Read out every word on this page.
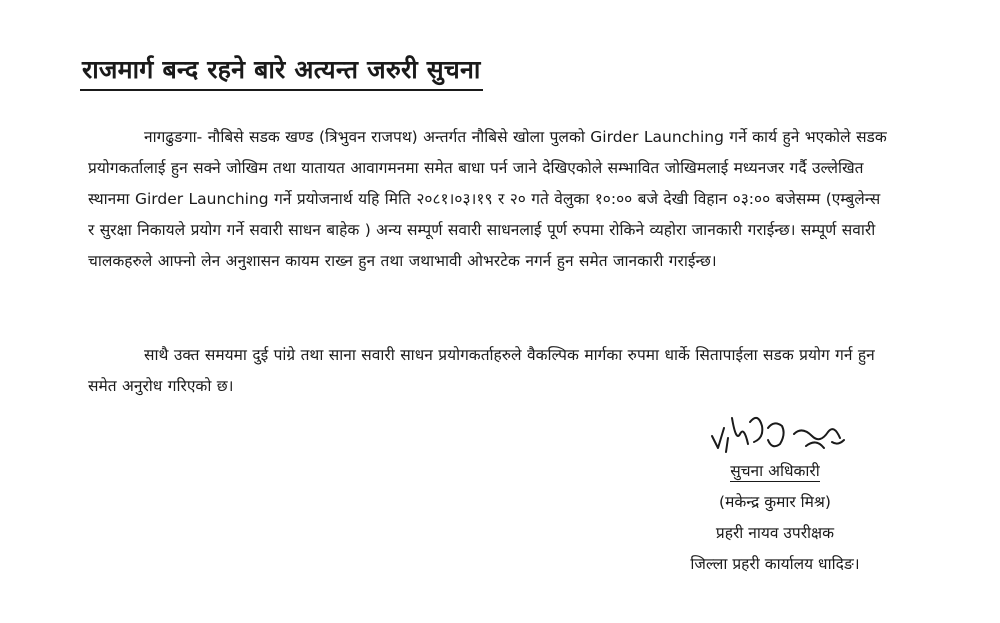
राजमार्ग बन्द रहने बारे अत्यन्त जरुरी सुचना

नागढुङगा- नौबिसे सडक खण्ड (त्रिभुवन राजपथ) अन्तर्गत नौबिसे खोला पुलको Girder Launching गर्ने कार्य हुने भएकोले सडक प्रयोगकर्तालाई हुन सक्ने जोखिम तथा यातायत आवागमनमा समेत बाधा पर्न जाने देखिएकोले सम्भावित जोखिमलाई मध्यनजर गर्दै उल्लेखित स्थानमा Girder Launching गर्ने प्रयोजनार्थ यहि मिति २०८१।०३।१९ र २० गते वेलुका १०:०० बजे देखी विहान ०३:०० बजेसम्म (एम्बुलेन्स र सुरक्षा निकायले प्रयोग गर्ने सवारी साधन बाहेक ) अन्य सम्पूर्ण सवारी साधनलाई पूर्ण रुपमा रोकिने व्यहोरा जानकारी गराईन्छ। सम्पूर्ण सवारी चालकहरुले आफ्नो लेन अनुशासन कायम राख्न हुन तथा जथाभावी ओभरटेक नगर्न हुन समेत जानकारी गराईन्छ।

साथै उक्त समयमा दुई पांग्रे तथा साना सवारी साधन प्रयोगकर्ताहरुले वैकल्पिक मार्गका रुपमा धार्के सितापाईला सडक प्रयोग गर्न हुन समेत अनुरोध गरिएको छ।

सुचना अधिकारी
(मकेन्द्र कुमार मिश्र)
प्रहरी नायव उपरीक्षक
जिल्ला प्रहरी कार्यालय धादिङ।
